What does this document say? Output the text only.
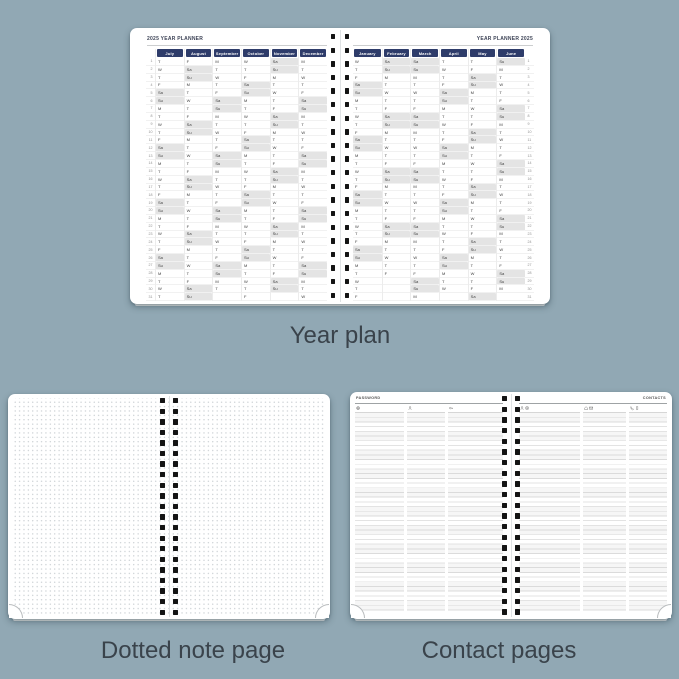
2025 YEAR PLANNER
1
2
3
4
5
6
7
8
9
10
11
12
13
14
15
16
17
18
19
20
21
22
23
24
25
26
27
28
29
30
31
July
T
W
T
F
Sa
Su
M
T
W
T
F
Sa
Su
M
T
W
T
F
Sa
Su
M
T
W
T
F
Sa
Su
M
T
W
T
August
F
Sa
Su
M
T
W
T
F
Sa
Su
M
T
W
T
F
Sa
Su
M
T
W
T
F
Sa
Su
M
T
W
T
F
Sa
Su
September
M
T
W
T
F
Sa
Su
M
T
W
T
F
Sa
Su
M
T
W
T
F
Sa
Su
M
T
W
T
F
Sa
Su
M
T
October
W
T
F
Sa
Su
M
T
W
T
F
Sa
Su
M
T
W
T
F
Sa
Su
M
T
W
T
F
Sa
Su
M
T
W
T
F
November
Sa
Su
M
T
W
T
F
Sa
Su
M
T
W
T
F
Sa
Su
M
T
W
T
F
Sa
Su
M
T
W
T
F
Sa
Su
December
M
T
W
T
F
Sa
Su
M
T
W
T
F
Sa
Su
M
T
W
T
F
Sa
Su
M
T
W
T
F
Sa
Su
M
T
W
YEAR PLANNER 2025
January
W
T
F
Sa
Su
M
T
W
T
F
Sa
Su
M
T
W
T
F
Sa
Su
M
T
W
T
F
Sa
Su
M
T
W
T
F
February
Sa
Su
M
T
W
T
F
Sa
Su
M
T
W
T
F
Sa
Su
M
T
W
T
F
Sa
Su
M
T
W
T
F
March
Sa
Su
M
T
W
T
F
Sa
Su
M
T
W
T
F
Sa
Su
M
T
W
T
F
Sa
Su
M
T
W
T
F
Sa
Su
M
April
T
W
T
F
Sa
Su
M
T
W
T
F
Sa
Su
M
T
W
T
F
Sa
Su
M
T
W
T
F
Sa
Su
M
T
W
May
T
F
Sa
Su
M
T
W
T
F
Sa
Su
M
T
W
T
F
Sa
Su
M
T
W
T
F
Sa
Su
M
T
W
T
F
Sa
June
Su
M
T
W
T
F
Sa
Su
M
T
W
T
F
Sa
Su
M
T
W
T
F
Sa
Su
M
T
W
T
F
Sa
Su
M
1
2
3
4
5
6
7
8
9
10
11
12
13
14
15
16
17
18
19
20
21
22
23
24
25
26
27
28
29
30
31
Year plan
Dotted note page
PASSWORD	CONTACTS
Contact pages
